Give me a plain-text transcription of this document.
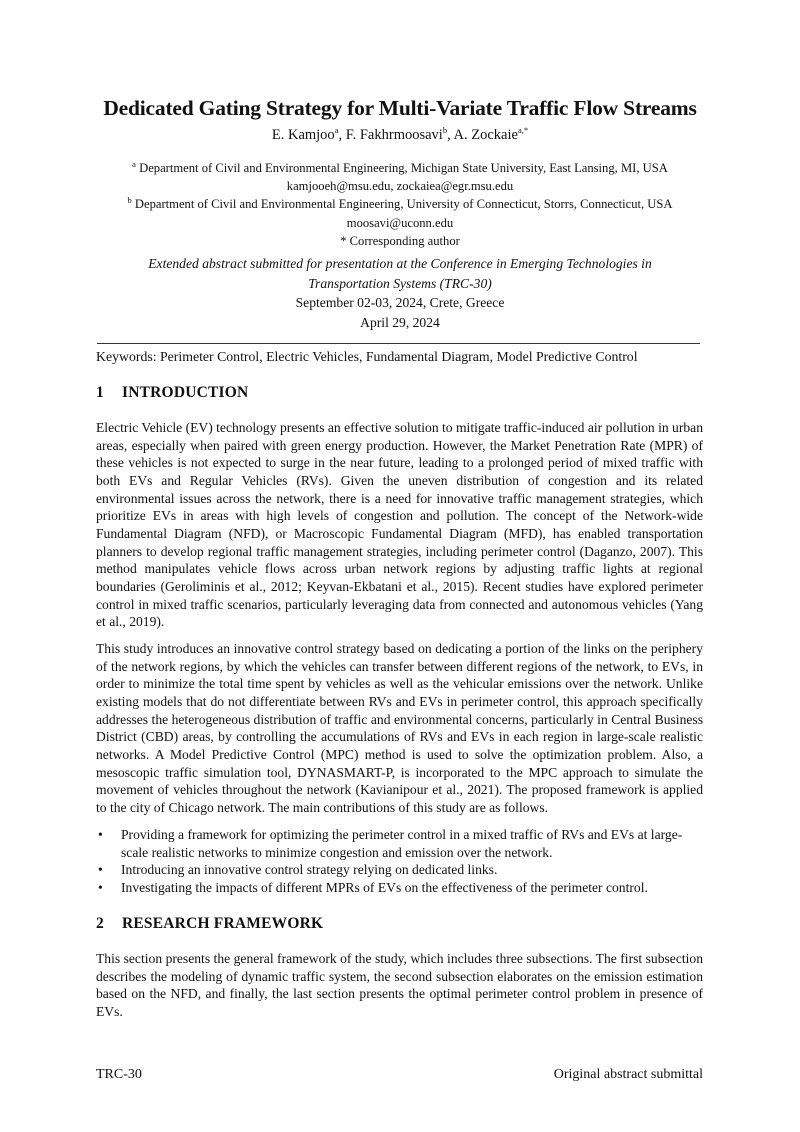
Dedicated Gating Strategy for Multi-Variate Traffic Flow Streams
E. Kamjoo$^a$, F. Fakhrmoosavi$^b$, A. Zockaie$^{a,*}$
$^a$ Department of Civil and Environmental Engineering, Michigan State University, East Lansing, MI, USA
kamjooeh@msu.edu, zockaiea@egr.msu.edu
$^b$ Department of Civil and Environmental Engineering, University of Connecticut, Storrs, Connecticut, USA
moosavi@uconn.edu
* Corresponding author
Extended abstract submitted for presentation at the Conference in Emerging Technologies in
Transportation Systems (TRC-30)
September 02-03, 2024, Crete, Greece
April 29, 2024
Keywords: Perimeter Control, Electric Vehicles, Fundamental Diagram, Model Predictive Control
1 INTRODUCTION
Electric Vehicle (EV) technology presents an effective solution to mitigate traffic-induced air pollution in urban areas, especially when paired with green energy production. However, the Market Penetration Rate (MPR) of these vehicles is not expected to surge in the near future, leading to a prolonged period of mixed traffic with both EVs and Regular Vehicles (RVs). Given the uneven distribution of congestion and its related environmental issues across the network, there is a need for innovative traffic management strategies, which prioritize EVs in areas with high levels of congestion and pollution. The concept of the Network-wide Fundamental Diagram (NFD), or Macroscopic Fundamental Diagram (MFD), has enabled transportation planners to develop regional traffic management strategies, including perimeter control (Daganzo, 2007). This method manipulates vehicle flows across urban network regions by adjusting traffic lights at regional boundaries (Geroliminis et al., 2012; Keyvan-Ekbatani et al., 2015). Recent studies have explored perimeter control in mixed traffic scenarios, particularly leveraging data from connected and autonomous vehicles (Yang et al., 2019).
This study introduces an innovative control strategy based on dedicating a portion of the links on the periphery of the network regions, by which the vehicles can transfer between different regions of the network, to EVs, in order to minimize the total time spent by vehicles as well as the vehicular emissions over the network. Unlike existing models that do not differentiate between RVs and EVs in perimeter control, this approach specifically addresses the heterogeneous distribution of traffic and environmental concerns, particularly in Central Business District (CBD) areas, by controlling the accumulations of RVs and EVs in each region in large-scale realistic networks. A Model Predictive Control (MPC) method is used to solve the optimization problem. Also, a mesoscopic traffic simulation tool, DYNASMART-P, is incorporated to the MPC approach to simulate the movement of vehicles throughout the network (Kavianipour et al., 2021). The proposed framework is applied to the city of Chicago network. The main contributions of this study are as follows.
• Providing a framework for optimizing the perimeter control in a mixed traffic of RVs and EVs at large-scale realistic networks to minimize congestion and emission over the network.
• Introducing an innovative control strategy relying on dedicated links.
• Investigating the impacts of different MPRs of EVs on the effectiveness of the perimeter control.
2 RESEARCH FRAMEWORK
This section presents the general framework of the study, which includes three subsections. The first subsection describes the modeling of dynamic traffic system, the second subsection elaborates on the emission estimation based on the NFD, and finally, the last section presents the optimal perimeter control problem in presence of EVs.
TRC-30	Original abstract submittal
